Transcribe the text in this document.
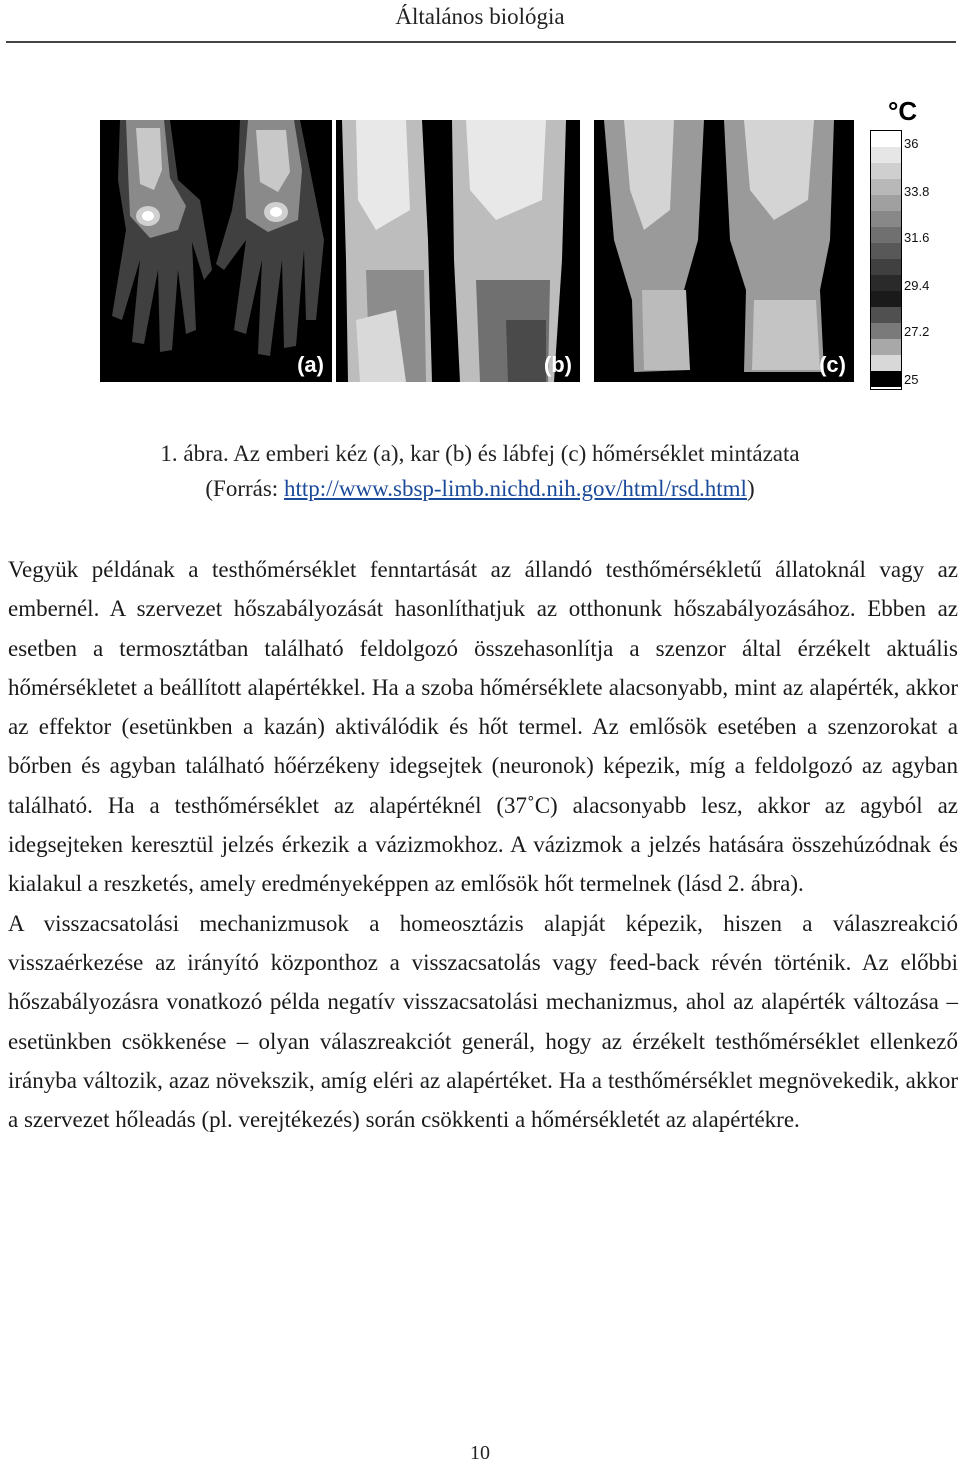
Általános biológia
(a)	(b)	(c)
°C
36
33.8
31.6
29.4
27.2
25
1. ábra. Az emberi kéz (a), kar (b) és lábfej (c) hőmérséklet mintázata
(Forrás: http://www.sbsp-limb.nichd.nih.gov/html/rsd.html)

Vegyük példának a testhőmérséklet fenntartását az állandó testhőmérsékletű állatoknál vagy az embernél. A szervezet hőszabályozását hasonlíthatjuk az otthonunk hőszabályozásához. Ebben az esetben a termosztátban található feldolgozó összehasonlítja a szenzor által érzékelt aktuális hőmérsékletet a beállított alapértékkel. Ha a szoba hőmérséklete alacsonyabb, mint az alapérték, akkor az effektor (esetünkben a kazán) aktiválódik és hőt termel. Az emlősök esetében a szenzorokat a bőrben és agyban található hőérzékeny idegsejtek (neuronok) képezik, míg a feldolgozó az agyban található. Ha a testhőmérséklet az alapértéknél (37˚C) alacsonyabb lesz, akkor az agyból az idegsejteken keresztül jelzés érkezik a vázizmokhoz. A vázizmok a jelzés hatására összehúzódnak és kialakul a reszketés, amely eredményeképpen az emlősök hőt termelnek (lásd 2. ábra).

A visszacsatolási mechanizmusok a homeosztázis alapját képezik, hiszen a válaszreakció visszaérkezése az irányító központhoz a visszacsatolás vagy feed-back révén történik. Az előbbi hőszabályozásra vonatkozó példa negatív visszacsatolási mechanizmus, ahol az alapérték változása – esetünkben csökkenése – olyan válaszreakciót generál, hogy az érzékelt testhőmérséklet ellenkező irányba változik, azaz növekszik, amíg eléri az alapértéket. Ha a testhőmérséklet megnövekedik, akkor a szervezet hőleadás (pl. verejtékezés) során csökkenti a hőmérsékletét az alapértékre.

10
